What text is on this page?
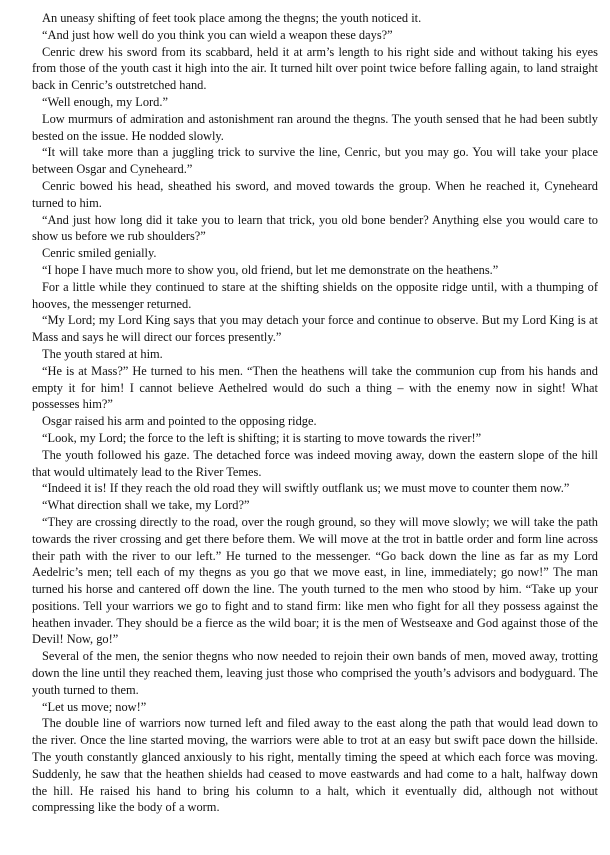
An uneasy shifting of feet took place among the thegns; the youth noticed it.

“And just how well do you think you can wield a weapon these days?”

Cenric drew his sword from its scabbard, held it at arm’s length to his right side and without taking his eyes from those of the youth cast it high into the air. It turned hilt over point twice before falling again, to land straight back in Cenric’s outstretched hand.

“Well enough, my Lord.”

Low murmurs of admiration and astonishment ran around the thegns. The youth sensed that he had been subtly bested on the issue. He nodded slowly.

“It will take more than a juggling trick to survive the line, Cenric, but you may go. You will take your place between Osgar and Cyneheard.”

Cenric bowed his head, sheathed his sword, and moved towards the group. When he reached it, Cyneheard turned to him.

“And just how long did it take you to learn that trick, you old bone bender? Anything else you would care to show us before we rub shoulders?”

Cenric smiled genially.

“I hope I have much more to show you, old friend, but let me demonstrate on the heathens.”

For a little while they continued to stare at the shifting shields on the opposite ridge until, with a thumping of hooves, the messenger returned.

“My Lord; my Lord King says that you may detach your force and continue to observe. But my Lord King is at Mass and says he will direct our forces presently.”

The youth stared at him.

“He is at Mass?” He turned to his men. “Then the heathens will take the communion cup from his hands and empty it for him! I cannot believe Aethelred would do such a thing – with the enemy now in sight! What possesses him?”

Osgar raised his arm and pointed to the opposing ridge.

“Look, my Lord; the force to the left is shifting; it is starting to move towards the river!”

The youth followed his gaze. The detached force was indeed moving away, down the eastern slope of the hill that would ultimately lead to the River Temes.

“Indeed it is! If they reach the old road they will swiftly outflank us; we must move to counter them now.”

“What direction shall we take, my Lord?”

“They are crossing directly to the road, over the rough ground, so they will move slowly; we will take the path towards the river crossing and get there before them. We will move at the trot in battle order and form line across their path with the river to our left.” He turned to the messenger. “Go back down the line as far as my Lord Aedelric’s men; tell each of my thegns as you go that we move east, in line, immediately; go now!” The man turned his horse and cantered off down the line. The youth turned to the men who stood by him. “Take up your positions. Tell your warriors we go to fight and to stand firm: like men who fight for all they possess against the heathen invader. They should be a fierce as the wild boar; it is the men of Westseaxe and God against those of the Devil! Now, go!”

Several of the men, the senior thegns who now needed to rejoin their own bands of men, moved away, trotting down the line until they reached them, leaving just those who comprised the youth’s advisors and bodyguard. The youth turned to them.

“Let us move; now!”

The double line of warriors now turned left and filed away to the east along the path that would lead down to the river. Once the line started moving, the warriors were able to trot at an easy but swift pace down the hillside. The youth constantly glanced anxiously to his right, mentally timing the speed at which each force was moving. Suddenly, he saw that the heathen shields had ceased to move eastwards and had come to a halt, halfway down the hill. He raised his hand to bring his column to a halt, which it eventually did, although not without compressing like the body of a worm.
